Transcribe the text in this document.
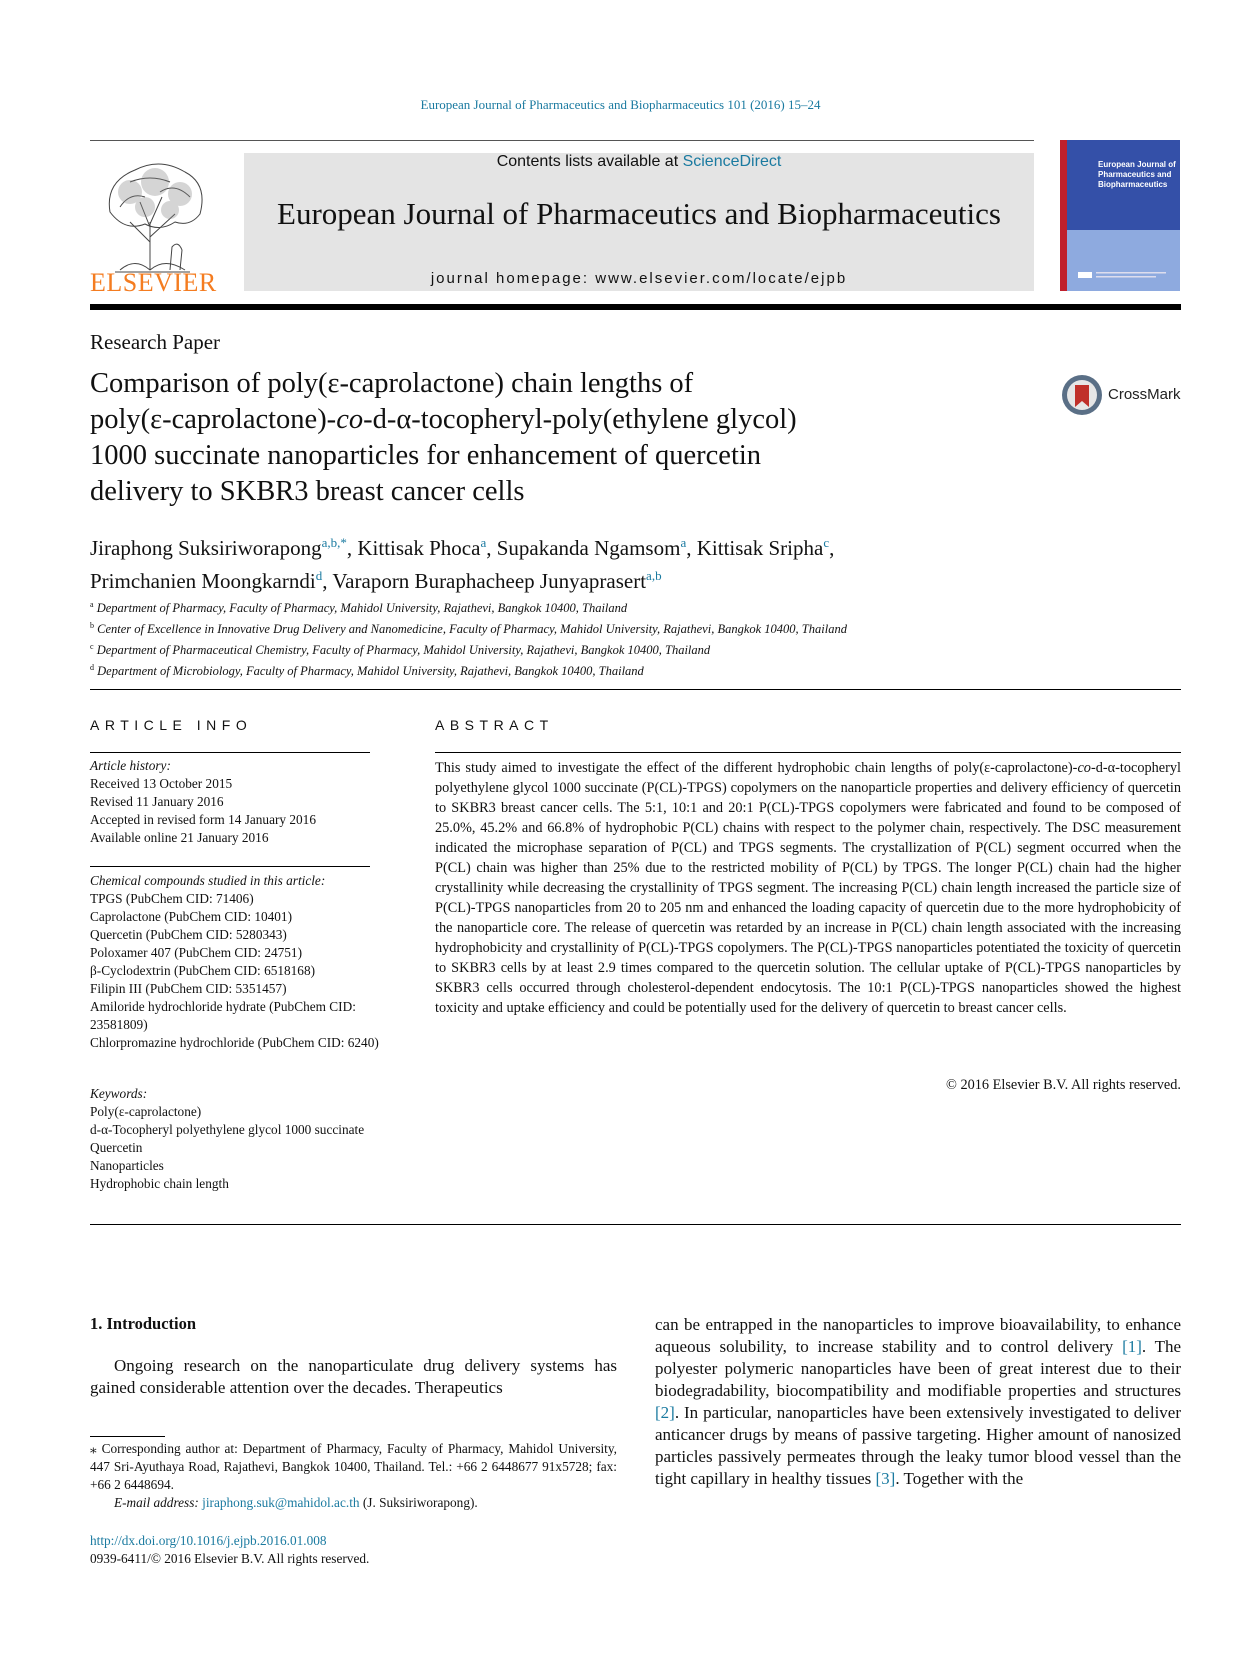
European Journal of Pharmaceutics and Biopharmaceutics 101 (2016) 15–24
ELSEVIER
Contents lists available at ScienceDirect
European Journal of Pharmaceutics and Biopharmaceutics
journal homepage: www.elsevier.com/locate/ejpb
European Journal of Pharmaceutics and Biopharmaceutics
Research Paper
Comparison of poly(ε-caprolactone) chain lengths of
poly(ε-caprolactone)-co-d-α-tocopheryl-poly(ethylene glycol)
1000 succinate nanoparticles for enhancement of quercetin
delivery to SKBR3 breast cancer cells
CrossMark
Jiraphong Suksiriworapong$^{a,b,*}$, Kittisak Phoca$^a$, Supakanda Ngamsom$^a$, Kittisak Sripha$^c$,
Primchanien Moongkarndi$^d$, Varaporn Buraphacheep Junyaprasert$^{a,b}$
$^a$ Department of Pharmacy, Faculty of Pharmacy, Mahidol University, Rajathevi, Bangkok 10400, Thailand
$^b$ Center of Excellence in Innovative Drug Delivery and Nanomedicine, Faculty of Pharmacy, Mahidol University, Rajathevi, Bangkok 10400, Thailand
$^c$ Department of Pharmaceutical Chemistry, Faculty of Pharmacy, Mahidol University, Rajathevi, Bangkok 10400, Thailand
$^d$ Department of Microbiology, Faculty of Pharmacy, Mahidol University, Rajathevi, Bangkok 10400, Thailand
ARTICLE INFO	ABSTRACT
Article history:
Received 13 October 2015
Revised 11 January 2016
Accepted in revised form 14 January 2016
Available online 21 January 2016
Chemical compounds studied in this article:
TPGS (PubChem CID: 71406)
Caprolactone (PubChem CID: 10401)
Quercetin (PubChem CID: 5280343)
Poloxamer 407 (PubChem CID: 24751)
β-Cyclodextrin (PubChem CID: 6518168)
Filipin III (PubChem CID: 5351457)
Amiloride hydrochloride hydrate (PubChem CID: 23581809)
Chlorpromazine hydrochloride (PubChem CID: 6240)
Keywords:
Poly(ε-caprolactone)
d-α-Tocopheryl polyethylene glycol 1000 succinate
Quercetin
Nanoparticles
Hydrophobic chain length
This study aimed to investigate the effect of the different hydrophobic chain lengths of poly(ε-caprolactone)-co-d-α-tocopheryl polyethylene glycol 1000 succinate (P(CL)-TPGS) copolymers on the nanoparticle properties and delivery efficiency of quercetin to SKBR3 breast cancer cells. The 5:1, 10:1 and 20:1 P(CL)-TPGS copolymers were fabricated and found to be composed of 25.0%, 45.2% and 66.8% of hydrophobic P(CL) chains with respect to the polymer chain, respectively. The DSC measurement indicated the microphase separation of P(CL) and TPGS segments. The crystallization of P(CL) segment occurred when the P(CL) chain was higher than 25% due to the restricted mobility of P(CL) by TPGS. The longer P(CL) chain had the higher crystallinity while decreasing the crystallinity of TPGS segment. The increasing P(CL) chain length increased the particle size of P(CL)-TPGS nanoparticles from 20 to 205 nm and enhanced the loading capacity of quercetin due to the more hydrophobicity of the nanoparticle core. The release of quercetin was retarded by an increase in P(CL) chain length associated with the increasing hydrophobicity and crystallinity of P(CL)-TPGS copolymers. The P(CL)-TPGS nanoparticles potentiated the toxicity of quercetin to SKBR3 cells by at least 2.9 times compared to the quercetin solution. The cellular uptake of P(CL)-TPGS nanoparticles by SKBR3 cells occurred through cholesterol-dependent endocytosis. The 10:1 P(CL)-TPGS nanoparticles showed the highest toxicity and uptake efficiency and could be potentially used for the delivery of quercetin to breast cancer cells.
© 2016 Elsevier B.V. All rights reserved.
1. Introduction
Ongoing research on the nanoparticulate drug delivery systems has gained considerable attention over the decades. Therapeutics
can be entrapped in the nanoparticles to improve bioavailability, to enhance aqueous solubility, to increase stability and to control delivery [1]. The polyester polymeric nanoparticles have been of great interest due to their biodegradability, biocompatibility and modifiable properties and structures [2]. In particular, nanoparticles have been extensively investigated to deliver anticancer drugs by means of passive targeting. Higher amount of nanosized particles passively permeates through the leaky tumor blood vessel than the tight capillary in healthy tissues [3]. Together with the
⁎ Corresponding author at: Department of Pharmacy, Faculty of Pharmacy, Mahidol University, 447 Sri-Ayuthaya Road, Rajathevi, Bangkok 10400, Thailand. Tel.: +66 2 6448677 91x5728; fax: +66 2 6448694.
E-mail address: jiraphong.suk@mahidol.ac.th (J. Suksiriworapong).
http://dx.doi.org/10.1016/j.ejpb.2016.01.008
0939-6411/© 2016 Elsevier B.V. All rights reserved.
